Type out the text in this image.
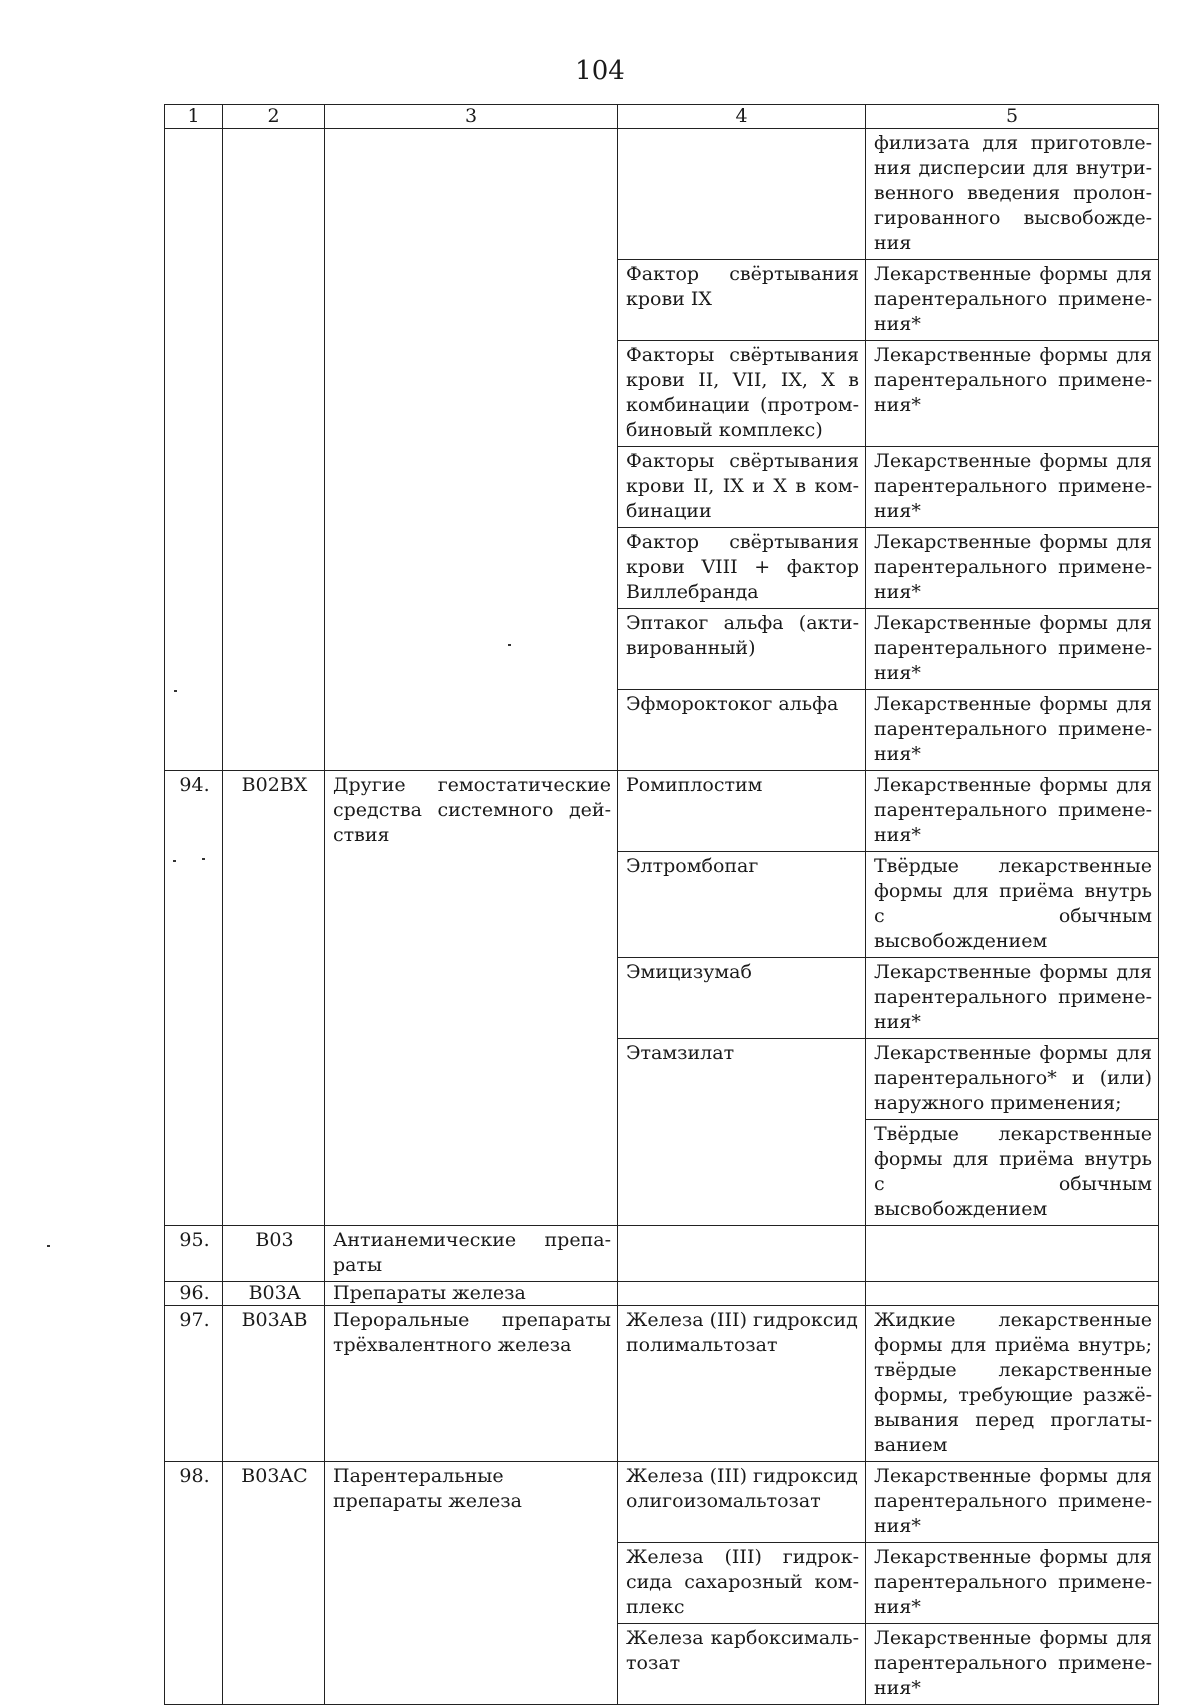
104
1	2	3	4	5
				филизата для приготовле-ния дисперсии для внутри-венного введения пролон-гированного высвобожде-ния
			Фактор свёртывания крови IX	Лекарственные формы для парентерального примене-ния*
			Факторы свёртывания крови II, VII, IX, X в комбинации (протром-биновый комплекс)	Лекарственные формы для парентерального примене-ния*
			Факторы свёртывания крови II, IX и X в ком-бинации	Лекарственные формы для парентерального примене-ния*
			Фактор свёртывания крови VIII + фактор Виллебранда	Лекарственные формы для парентерального примене-ния*
			Эптаког альфа (акти-вированный)	Лекарственные формы для парентерального примене-ния*
			Эфмороктоког альфа	Лекарственные формы для парентерального примене-ния*
94.	B02BX	Другие гемостатические средства системного дей-ствия	Ромиплостим	Лекарственные формы для парентерального примене-ния*
			Элтромбопаг	Твёрдые лекарственные формы для приёма внутрь с обычным высвобождением
			Эмицизумаб	Лекарственные формы для парентерального примене-ния*
			Этамзилат	Лекарственные формы для парентерального* и (или) наружного применения;
				Твёрдые лекарственные формы для приёма внутрь с обычным высвобождением
95.	B03	Антианемические препа-раты		
96.	B03A	Препараты железа		
97.	B03AB	Пероральные препараты трёхвалентного железа	Железа (III) гидроксид полимальтозат	Жидкие лекарственные формы для приёма внутрь; твёрдые лекарственные формы, требующие разжё-вывания перед проглаты-ванием
98.	B03AC	Парентеральные препараты железа	Железа (III) гидроксид олигоизомальтозат	Лекарственные формы для парентерального примене-ния*
			Железа (III) гидрок-сида сахарозный ком-плекс	Лекарственные формы для парентерального примене-ния*
			Железа карбоксималь-тозат	Лекарственные формы для парентерального примене-ния*
